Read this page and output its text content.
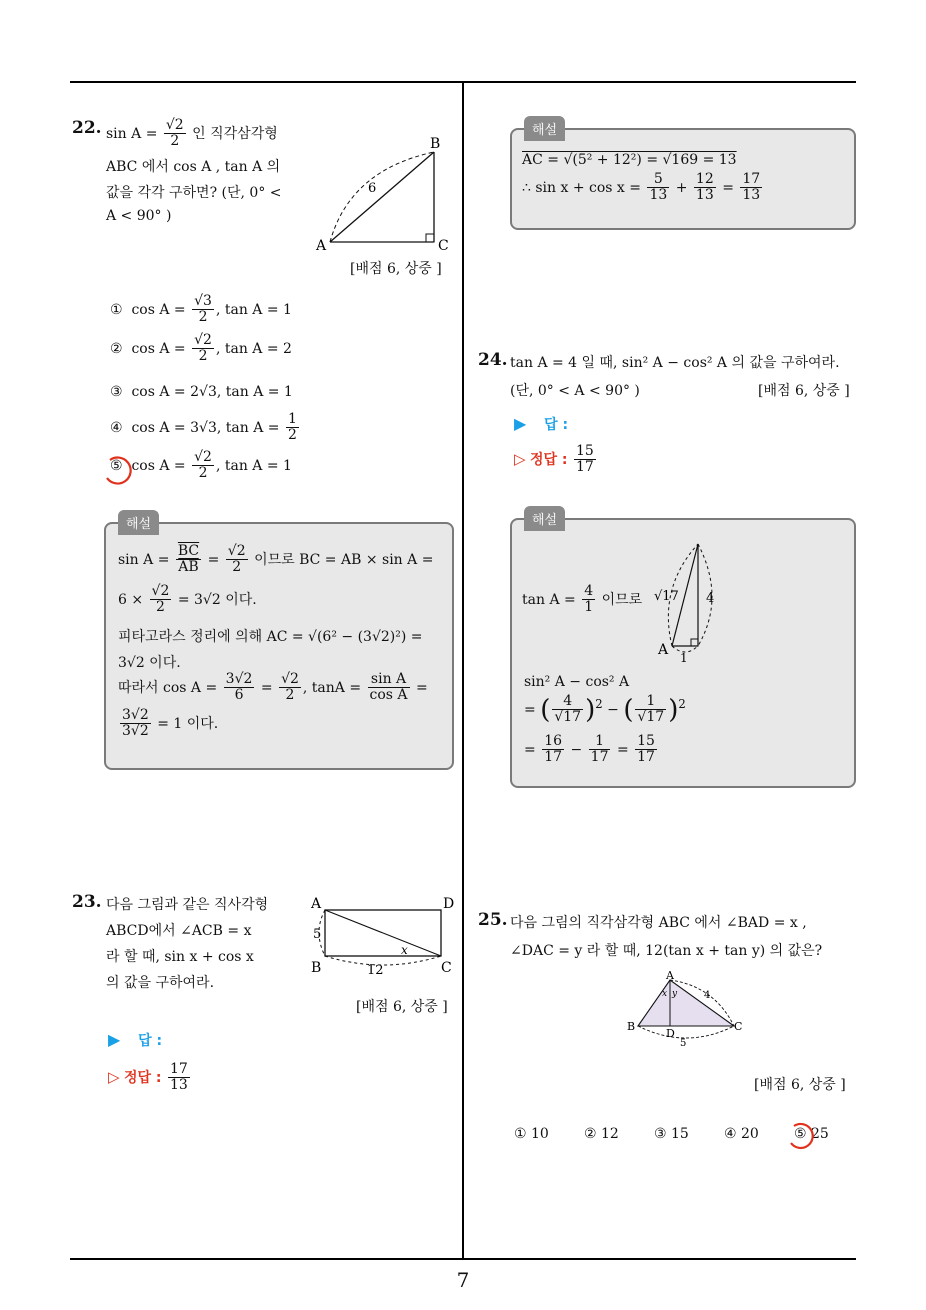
7
22. $\sin A = \frac{√2}{2}$ 인 직각삼각형
ABC 에서 cos A , tan A 의
값을 각각 구하면? (단, 0° <
A < 90° )
A
B
C
6
[배점 6, 상중 ]
① $\cos A = \frac{√3}{2}$ , tan A = 1
② $\cos A = \frac{√2}{2}$ , tan A = 2
③ cos A = 2√3, tan A = 1
④ cos A = 3√3, $\tan A = \frac{1}{2}$
⑤ $\cos A = \frac{√2}{2}$ , tan A = 1
해설
$\sin A = \frac{\overline{BC}}{AB} = \frac{√2}{2}$ 이므로 BC = AB × sin A =
$6 \times \frac{√2}{2} = 3√2$ 이다.
피타고라스 정리에 의해 AC = √(6² − (3√2)²) =
3√2 이다.
따라서 $\cos A = \frac{3√2}{6} = \frac{√2}{2}$ , $\tan A = \frac{\text{sin A}}{\text{cos A}}$ =
$\frac{3√2}{3√2} = 1$ 이다.
23. 다음 그림과 같은 직사각형
ABCD에서 ∠ACB = x
라 할 때, sin x + cos x
의 값을 구하여라.
A	D
B	C
5
12
x
[배점 6, 상중 ]
▶ 답 :
▷ 정답 : $\frac{17}{13}$
해설
AC = √(5² + 12²) = √169 = 13
∴ $\sin x + \cos x = \frac{5}{13} + \frac{12}{13} = \frac{17}{13}$
24. tan A = 4 일 때, sin² A − cos² A 의 값을 구하여라.
(단, 0° < A < 90° )	[배점 6, 상중 ]
▶ 답 :
▷ 정답 : $\frac{15}{17}$
해설
$\tan A = \frac{4}{1}$ 이므로 √17 4
A 1
sin² A − cos² A
= ( $\frac{4}{√17} )^2$ − ( $\frac{1}{√17} )^2$
= $\frac{16}{17} - \frac{1}{17} = \frac{15}{17}$
25. 다음 그림의 직각삼각형 ABC 에서 ∠BAD = x ,
∠DAC = y 라 할 때, 12(tan x + tan y) 의 값은?
A
B	C
D
x y	4
5
[배점 6, 상중 ]
① 10	② 12	③ 15	④ 20	⑤ 25
